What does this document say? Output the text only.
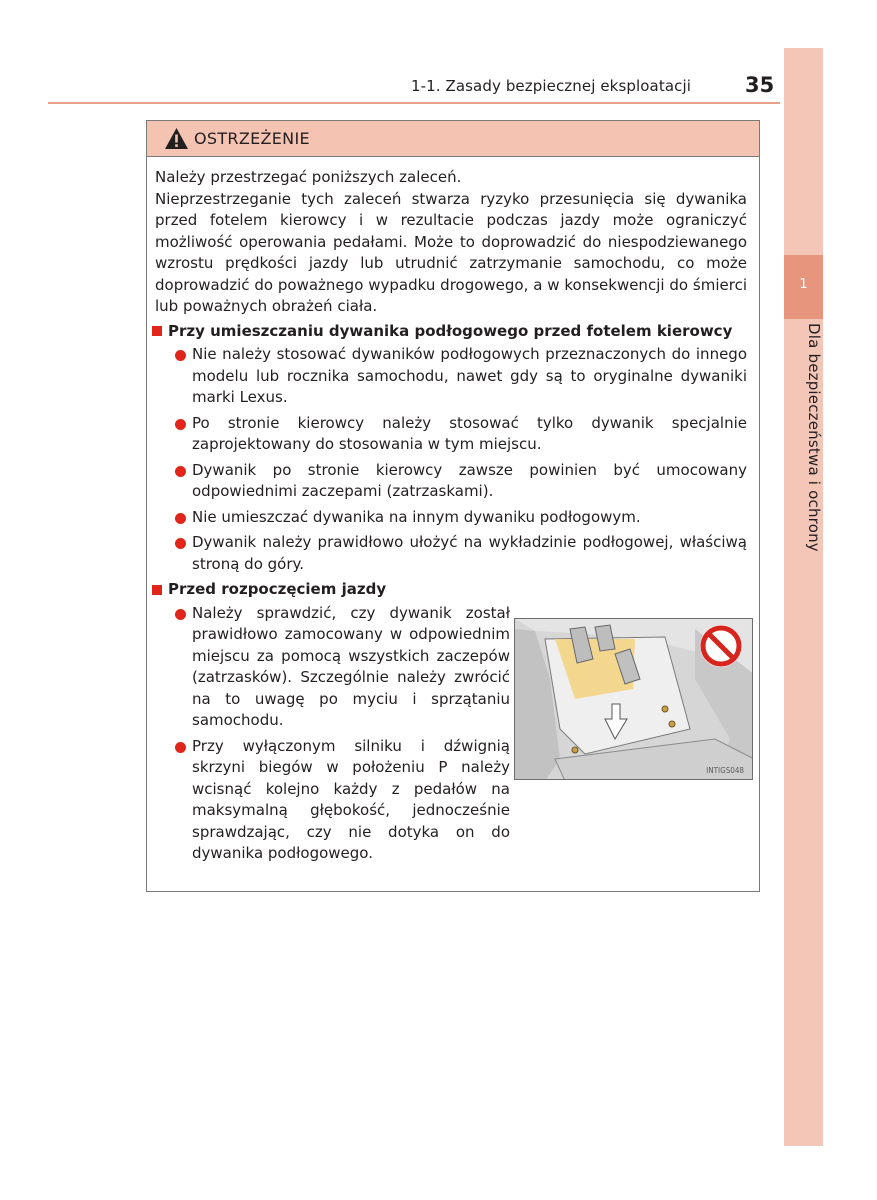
1-1. Zasady bezpiecznej eksploatacji	35
1
Dla bezpieczeństwa i ochrony
OSTRZEŻENIE

Należy przestrzegać poniższych zaleceń.

Nieprzestrzeganie tych zaleceń stwarza ryzyko przesunięcia się dywanika przed fotelem kierowcy i w rezultacie podczas jazdy może ograniczyć możliwość operowania pedałami. Może to doprowadzić do niespodziewanego wzrostu prędkości jazdy lub utrudnić zatrzymanie samochodu, co może doprowadzić do poważnego wypadku drogowego, a w konsekwencji do śmierci lub poważnych obrażeń ciała.

Przy umieszczaniu dywanika podłogowego przed fotelem kierowcy

Nie należy stosować dywaników podłogowych przeznaczonych do innego modelu lub rocznika samochodu, nawet gdy są to oryginalne dywaniki marki Lexus.

Po stronie kierowcy należy stosować tylko dywanik specjalnie zaprojektowany do stosowania w tym miejscu.

Dywanik po stronie kierowcy zawsze powinien być umocowany odpowiednimi zaczepami (zatrzaskami).

Nie umieszczać dywanika na innym dywaniku podłogowym.

Dywanik należy prawidłowo ułożyć na wykładzinie podłogowej, właściwą stroną do góry.

Przed rozpoczęciem jazdy

Należy sprawdzić, czy dywanik został prawidłowo zamocowany w odpowiednim miejscu za pomocą wszystkich zaczepów (zatrzasków). Szczególnie należy zwrócić na to uwagę po myciu i sprzątaniu samochodu.

Przy wyłączonym silniku i dźwignią skrzyni biegów w położeniu P należy wcisnąć kolejno każdy z pedałów na maksymalną głębokość, jednocześnie sprawdzając, czy nie dotyka on do dywanika podłogowego.

INTIGS048
